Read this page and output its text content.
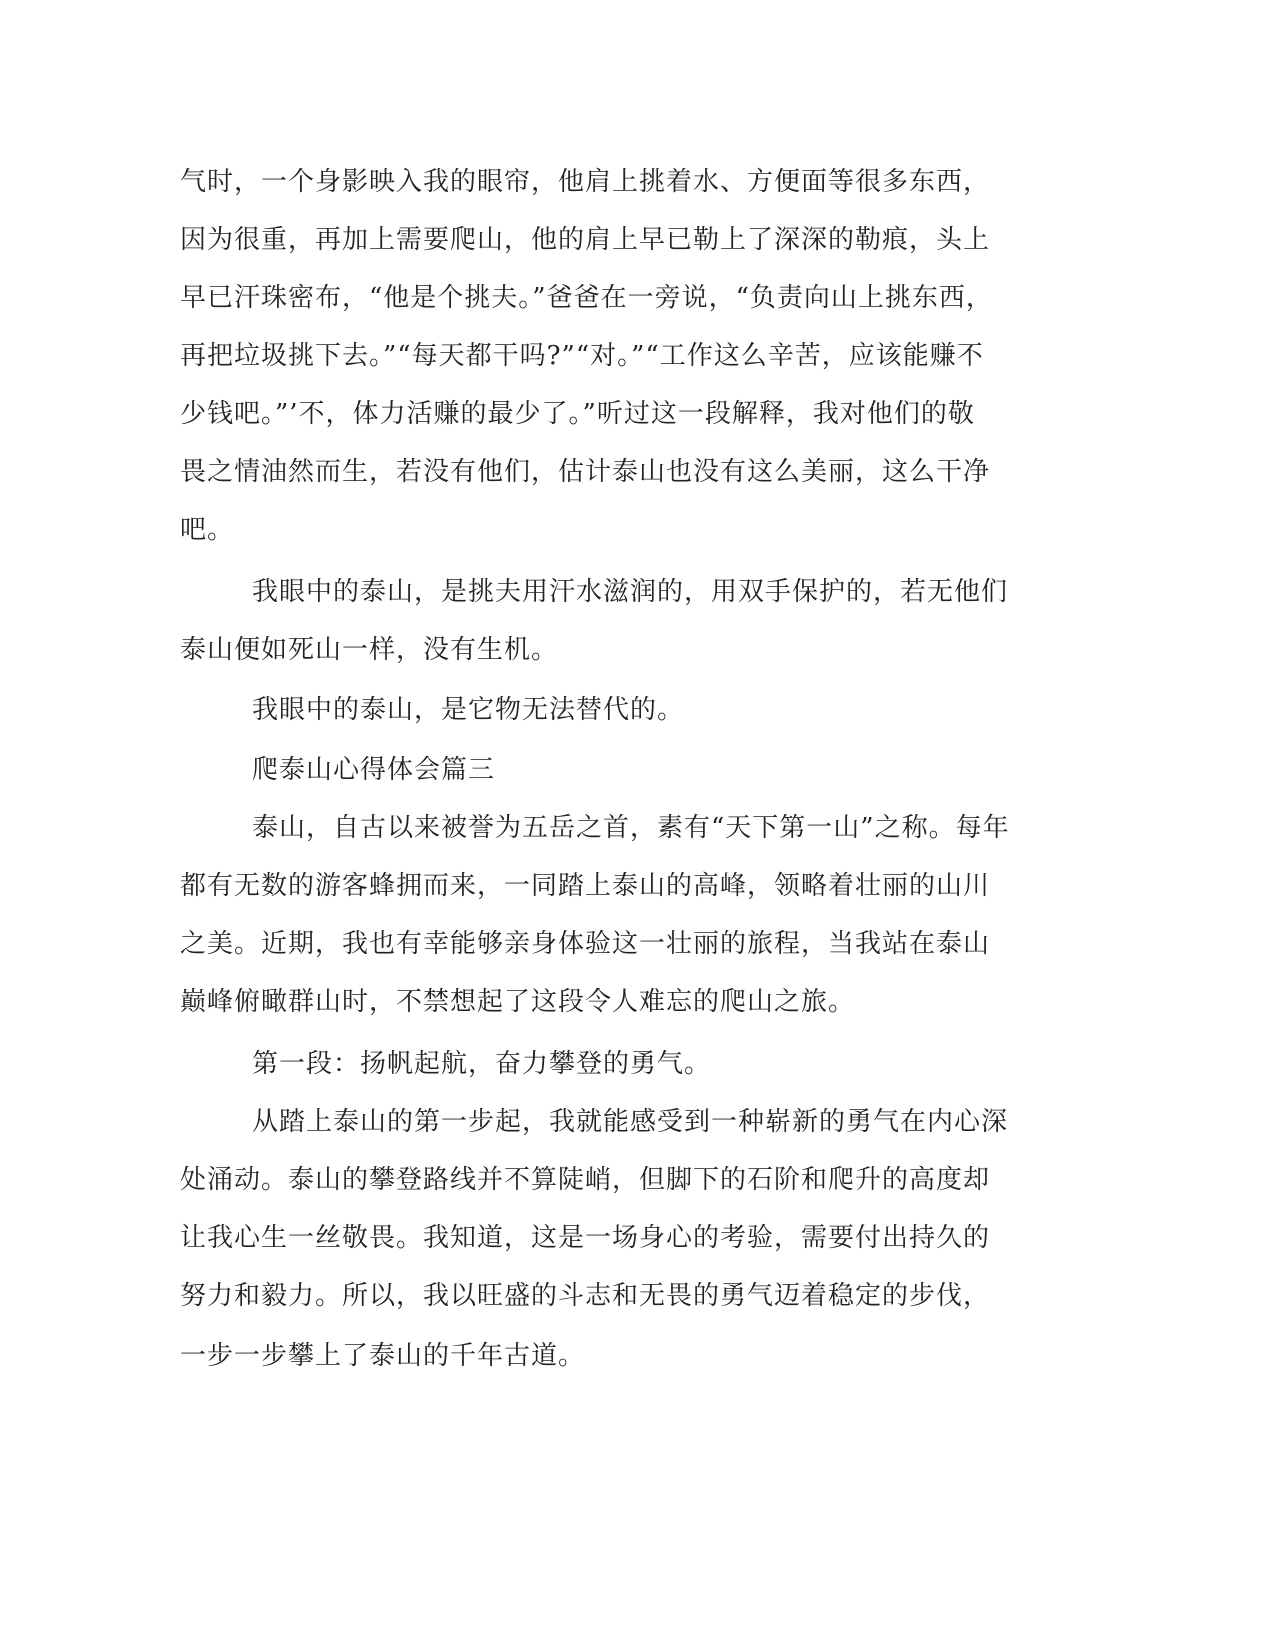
气时，一个身影映入我的眼帘，他肩上挑着水、方便面等很多东西，
因为很重，再加上需要爬山，他的肩上早已勒上了深深的勒痕，头上
早已汗珠密布，“他是个挑夫。”爸爸在一旁说，“负责向山上挑东西，
再把垃圾挑下去。”“每天都干吗?”“对。”“工作这么辛苦，应该能赚不
少钱吧。”’不，体力活赚的最少了。”听过这一段解释，我对他们的敬
畏之情油然而生，若没有他们，估计泰山也没有这么美丽，这么干净
吧。
我眼中的泰山，是挑夫用汗水滋润的，用双手保护的，若无他们
泰山便如死山一样，没有生机。
我眼中的泰山，是它物无法替代的。
爬泰山心得体会篇三
泰山，自古以来被誉为五岳之首，素有“天下第一山”之称。每年
都有无数的游客蜂拥而来，一同踏上泰山的高峰，领略着壮丽的山川
之美。近期，我也有幸能够亲身体验这一壮丽的旅程，当我站在泰山
巅峰俯瞰群山时，不禁想起了这段令人难忘的爬山之旅。
第一段：扬帆起航，奋力攀登的勇气。
从踏上泰山的第一步起，我就能感受到一种崭新的勇气在内心深
处涌动。泰山的攀登路线并不算陡峭，但脚下的石阶和爬升的高度却
让我心生一丝敬畏。我知道，这是一场身心的考验，需要付出持久的
努力和毅力。所以，我以旺盛的斗志和无畏的勇气迈着稳定的步伐，
一步一步攀上了泰山的千年古道。
